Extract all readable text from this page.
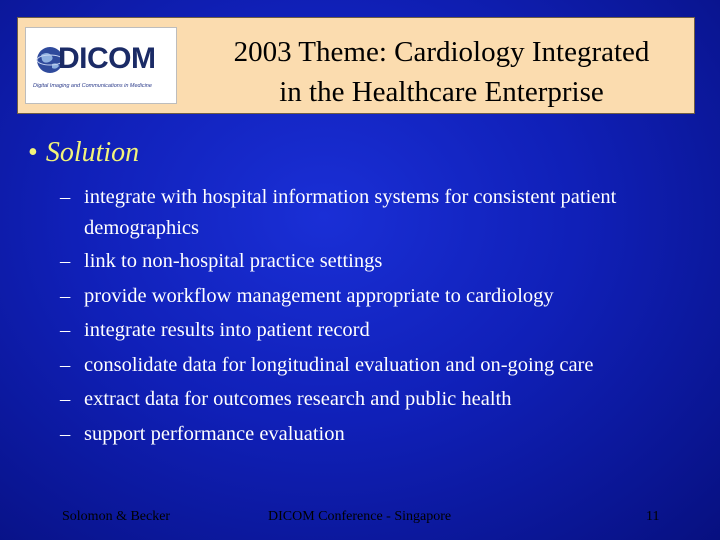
DICOM
Digital Imaging and Communications in Medicine
2003 Theme: Cardiology Integrated
in the Healthcare Enterprise
• Solution
– integrate with hospital information systems for consistent patient demographics
– link to non-hospital practice settings
– provide workflow management appropriate to cardiology
– integrate results into patient record
– consolidate data for longitudinal evaluation and on-going care
– extract data for outcomes research and public health
– support performance evaluation
Solomon & Becker	DICOM Conference - Singapore	11
